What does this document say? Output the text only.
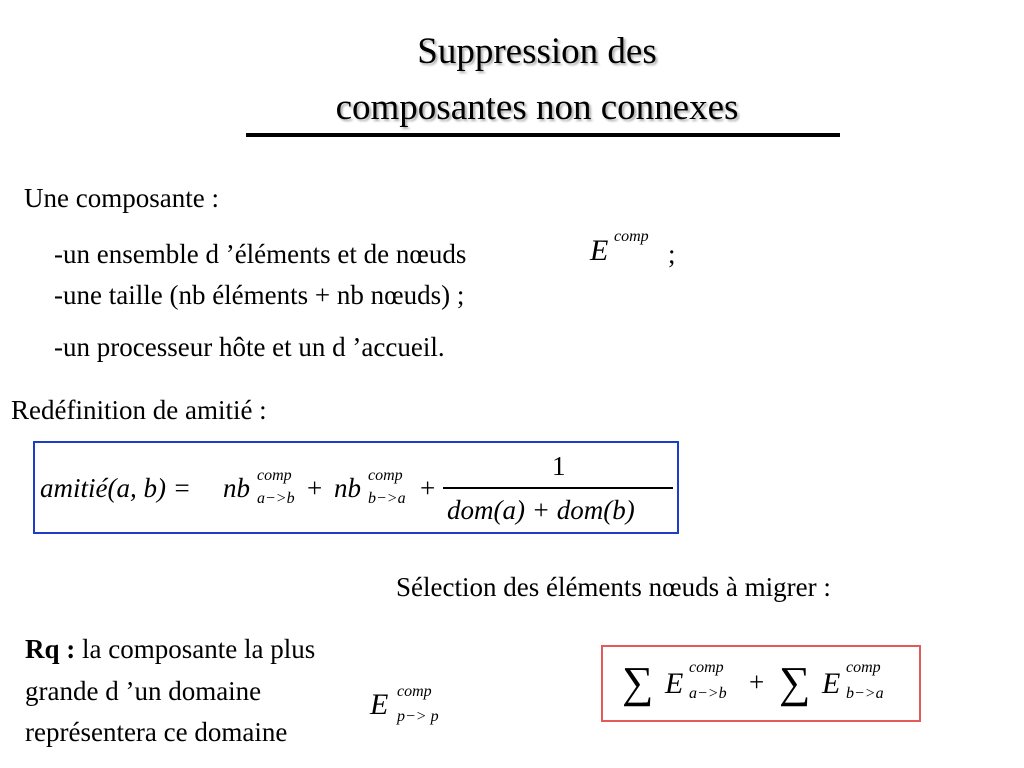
Suppression des
composantes non connexes
Une composante :
-un ensemble d ’éléments et de nœuds	E comp
;
-une taille (nb éléments + nb nœuds) ;
-un processeur hôte et un d ’accueil.
Redéfinition de amitié :
amitié(a, b) = nb comp
a−>b + nb comp
b−>a +
1
dom(a) + dom(b)
Sélection des éléments nœuds à migrer :
∑ E comp
a−>b + ∑ E comp
b−>a
Rq : la composante la plus
grande d ’un domaine
représentera ce domaine
E comp
p−> p
